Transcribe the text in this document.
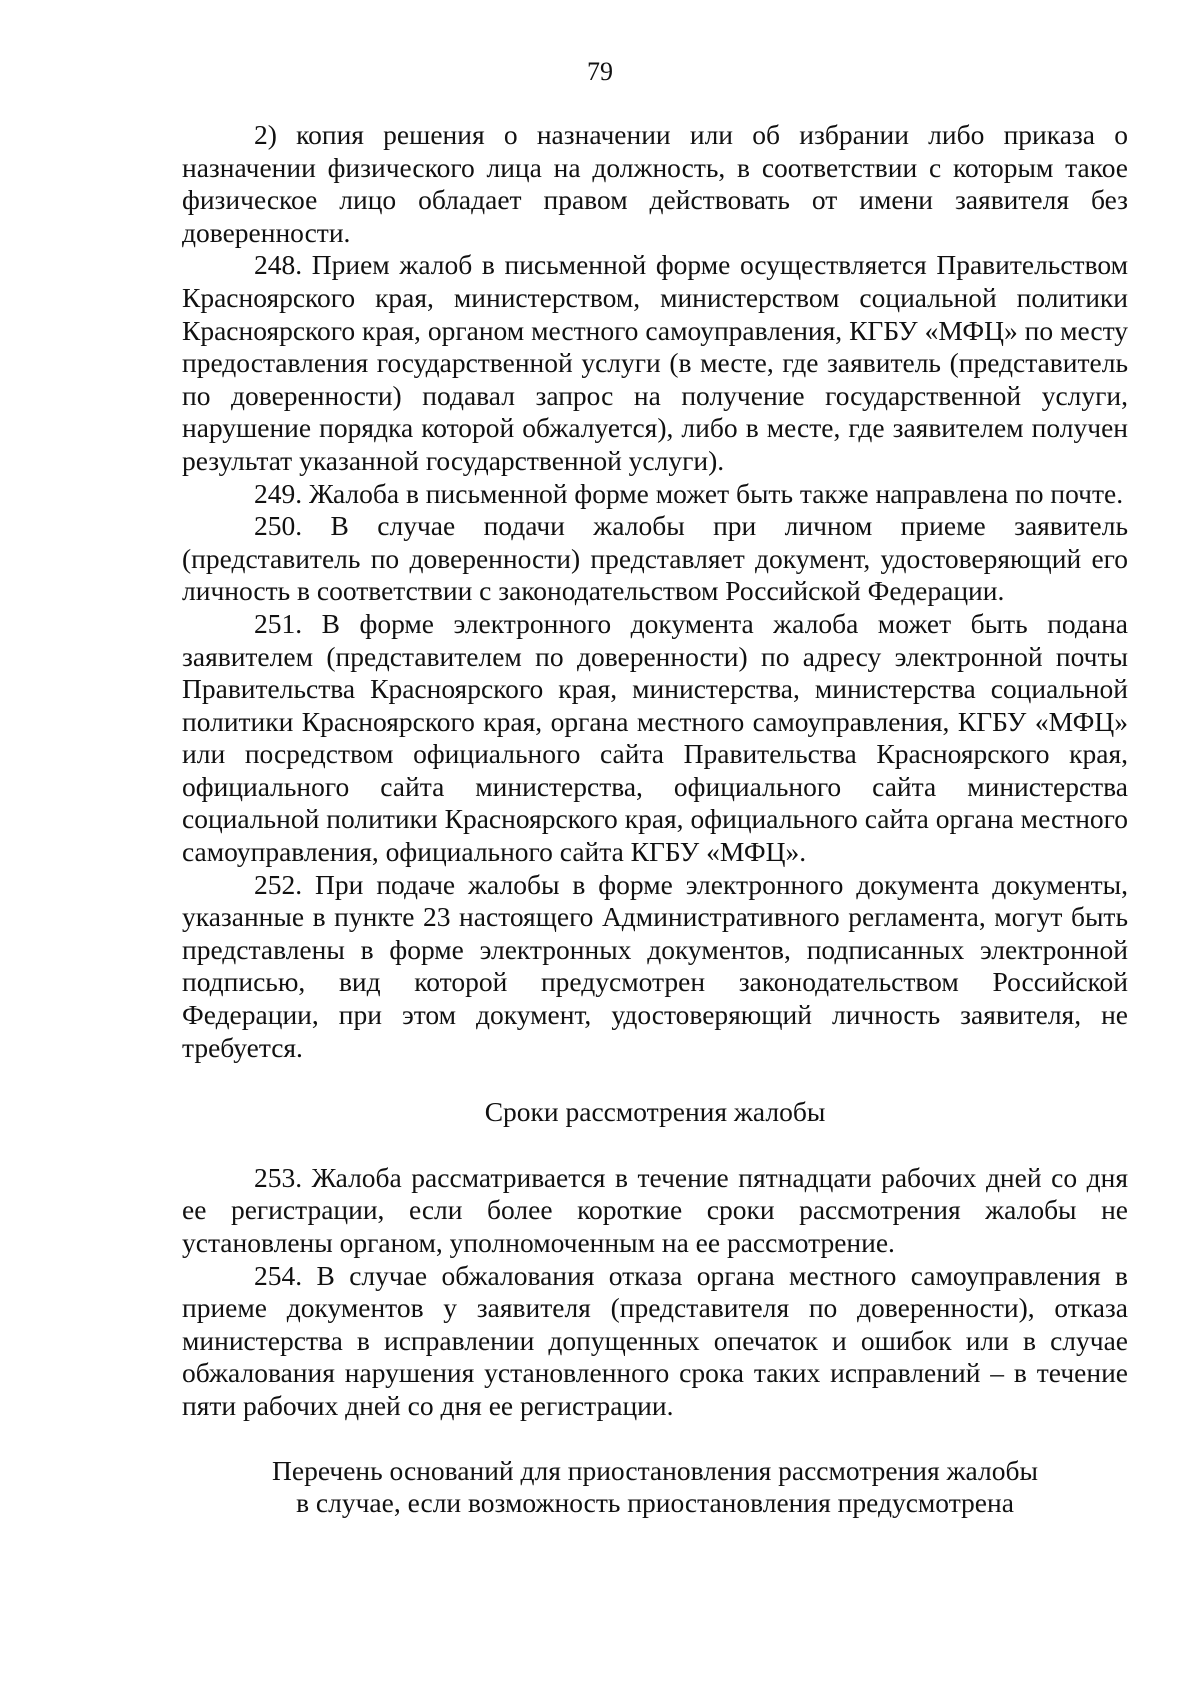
79

2) копия решения о назначении или об избрании либо приказа о назначении физического лица на должность, в соответствии с которым такое физическое лицо обладает правом действовать от имени заявителя без доверенности.

248. Прием жалоб в письменной форме осуществляется Правительством Красноярского края, министерством, министерством социальной политики Красноярского края, органом местного самоуправления, КГБУ «МФЦ» по месту предоставления государственной услуги (в месте, где заявитель (представитель по доверенности) подавал запрос на получение государственной услуги, нарушение порядка которой обжалуется), либо в месте, где заявителем получен результат указанной государственной услуги).

249. Жалоба в письменной форме может быть также направлена по почте.

250. В случае подачи жалобы при личном приеме заявитель (представитель по доверенности) представляет документ, удостоверяющий его личность в соответствии с законодательством Российской Федерации.

251. В форме электронного документа жалоба может быть подана заявителем (представителем по доверенности) по адресу электронной почты Правительства Красноярского края, министерства, министерства социальной политики Красноярского края, органа местного самоуправления, КГБУ «МФЦ» или посредством официального сайта Правительства Красноярского края, официального сайта министерства, официального сайта министерства социальной политики Красноярского края, официального сайта органа местного самоуправления, официального сайта КГБУ «МФЦ».

252. При подаче жалобы в форме электронного документа документы, указанные в пункте 23 настоящего Административного регламента, могут быть представлены в форме электронных документов, подписанных электронной подписью, вид которой предусмотрен законодательством Российской Федерации, при этом документ, удостоверяющий личность заявителя, не требуется.

Сроки рассмотрения жалобы

253. Жалоба рассматривается в течение пятнадцати рабочих дней со дня ее регистрации, если более короткие сроки рассмотрения жалобы не установлены органом, уполномоченным на ее рассмотрение.

254. В случае обжалования отказа органа местного самоуправления в приеме документов у заявителя (представителя по доверенности), отказа министерства в исправлении допущенных опечаток и ошибок или в случае обжалования нарушения установленного срока таких исправлений – в течение пяти рабочих дней со дня ее регистрации.

Перечень оснований для приостановления рассмотрения жалобы
в случае, если возможность приостановления предусмотрена
